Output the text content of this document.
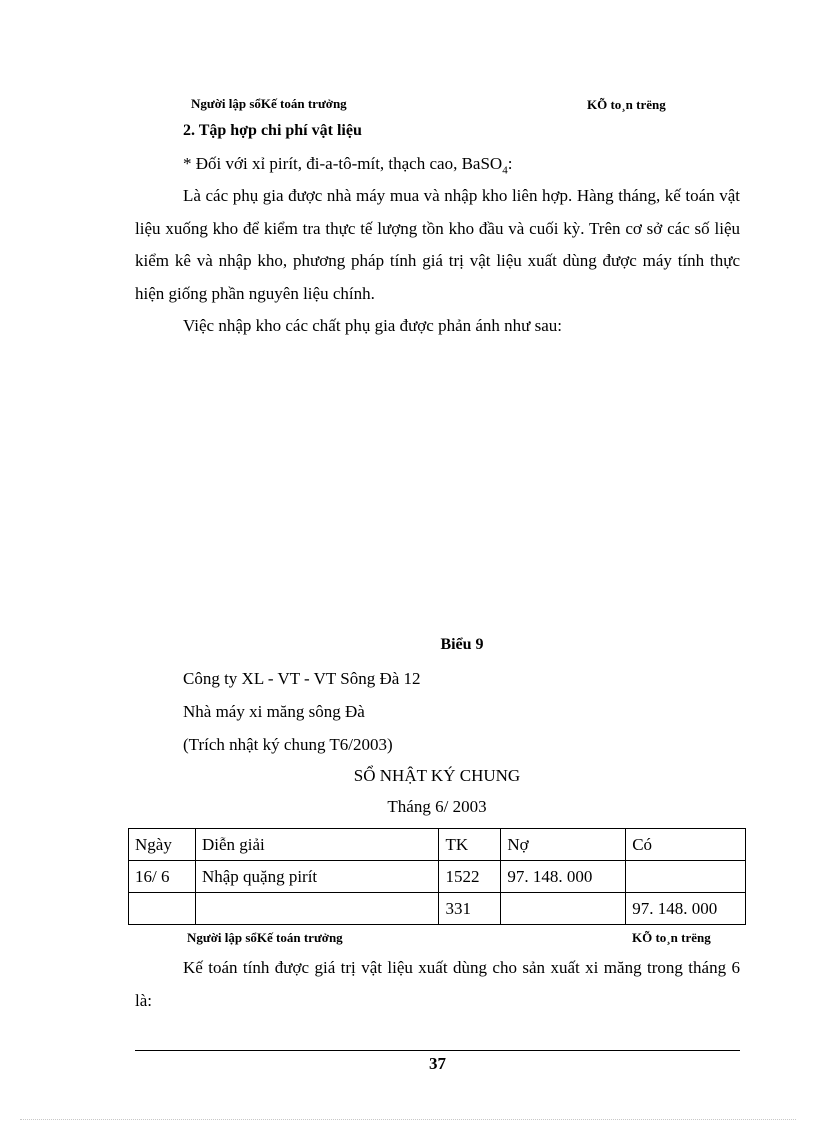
Người lập sổKế toán trưởng	KÕ to¸n trëng
2. Tập hợp chi phí vật liệu
* Đối với xỉ pirít, đi-a-tô-mít, thạch cao, BaSO$_4$:
Là các phụ gia được nhà máy mua và nhập kho liên hợp. Hàng tháng, kế toán vật liệu xuống kho để kiểm tra thực tế lượng tồn kho đầu và cuối kỳ. Trên cơ sở các số liệu kiểm kê và nhập kho, phương pháp tính giá trị vật liệu xuất dùng được máy tính thực hiện giống phần nguyên liệu chính.
Việc nhập kho các chất phụ gia được phản ánh như sau:
Biểu 9
Công ty XL - VT - VT Sông Đà 12
Nhà máy xi măng sông Đà
(Trích nhật ký chung T6/2003)
SỔ NHẬT KÝ CHUNG
Tháng 6/ 2003
Ngày	Diễn giải	TK	Nợ	Có
16/ 6	Nhập quặng pirít	1522	97. 148. 000	
		331		97. 148. 000
Người lập sổKế toán trưởng	KÕ to¸n trëng
Kế toán tính được giá trị vật liệu xuất dùng cho sản xuất xi măng trong tháng 6 là:
37
